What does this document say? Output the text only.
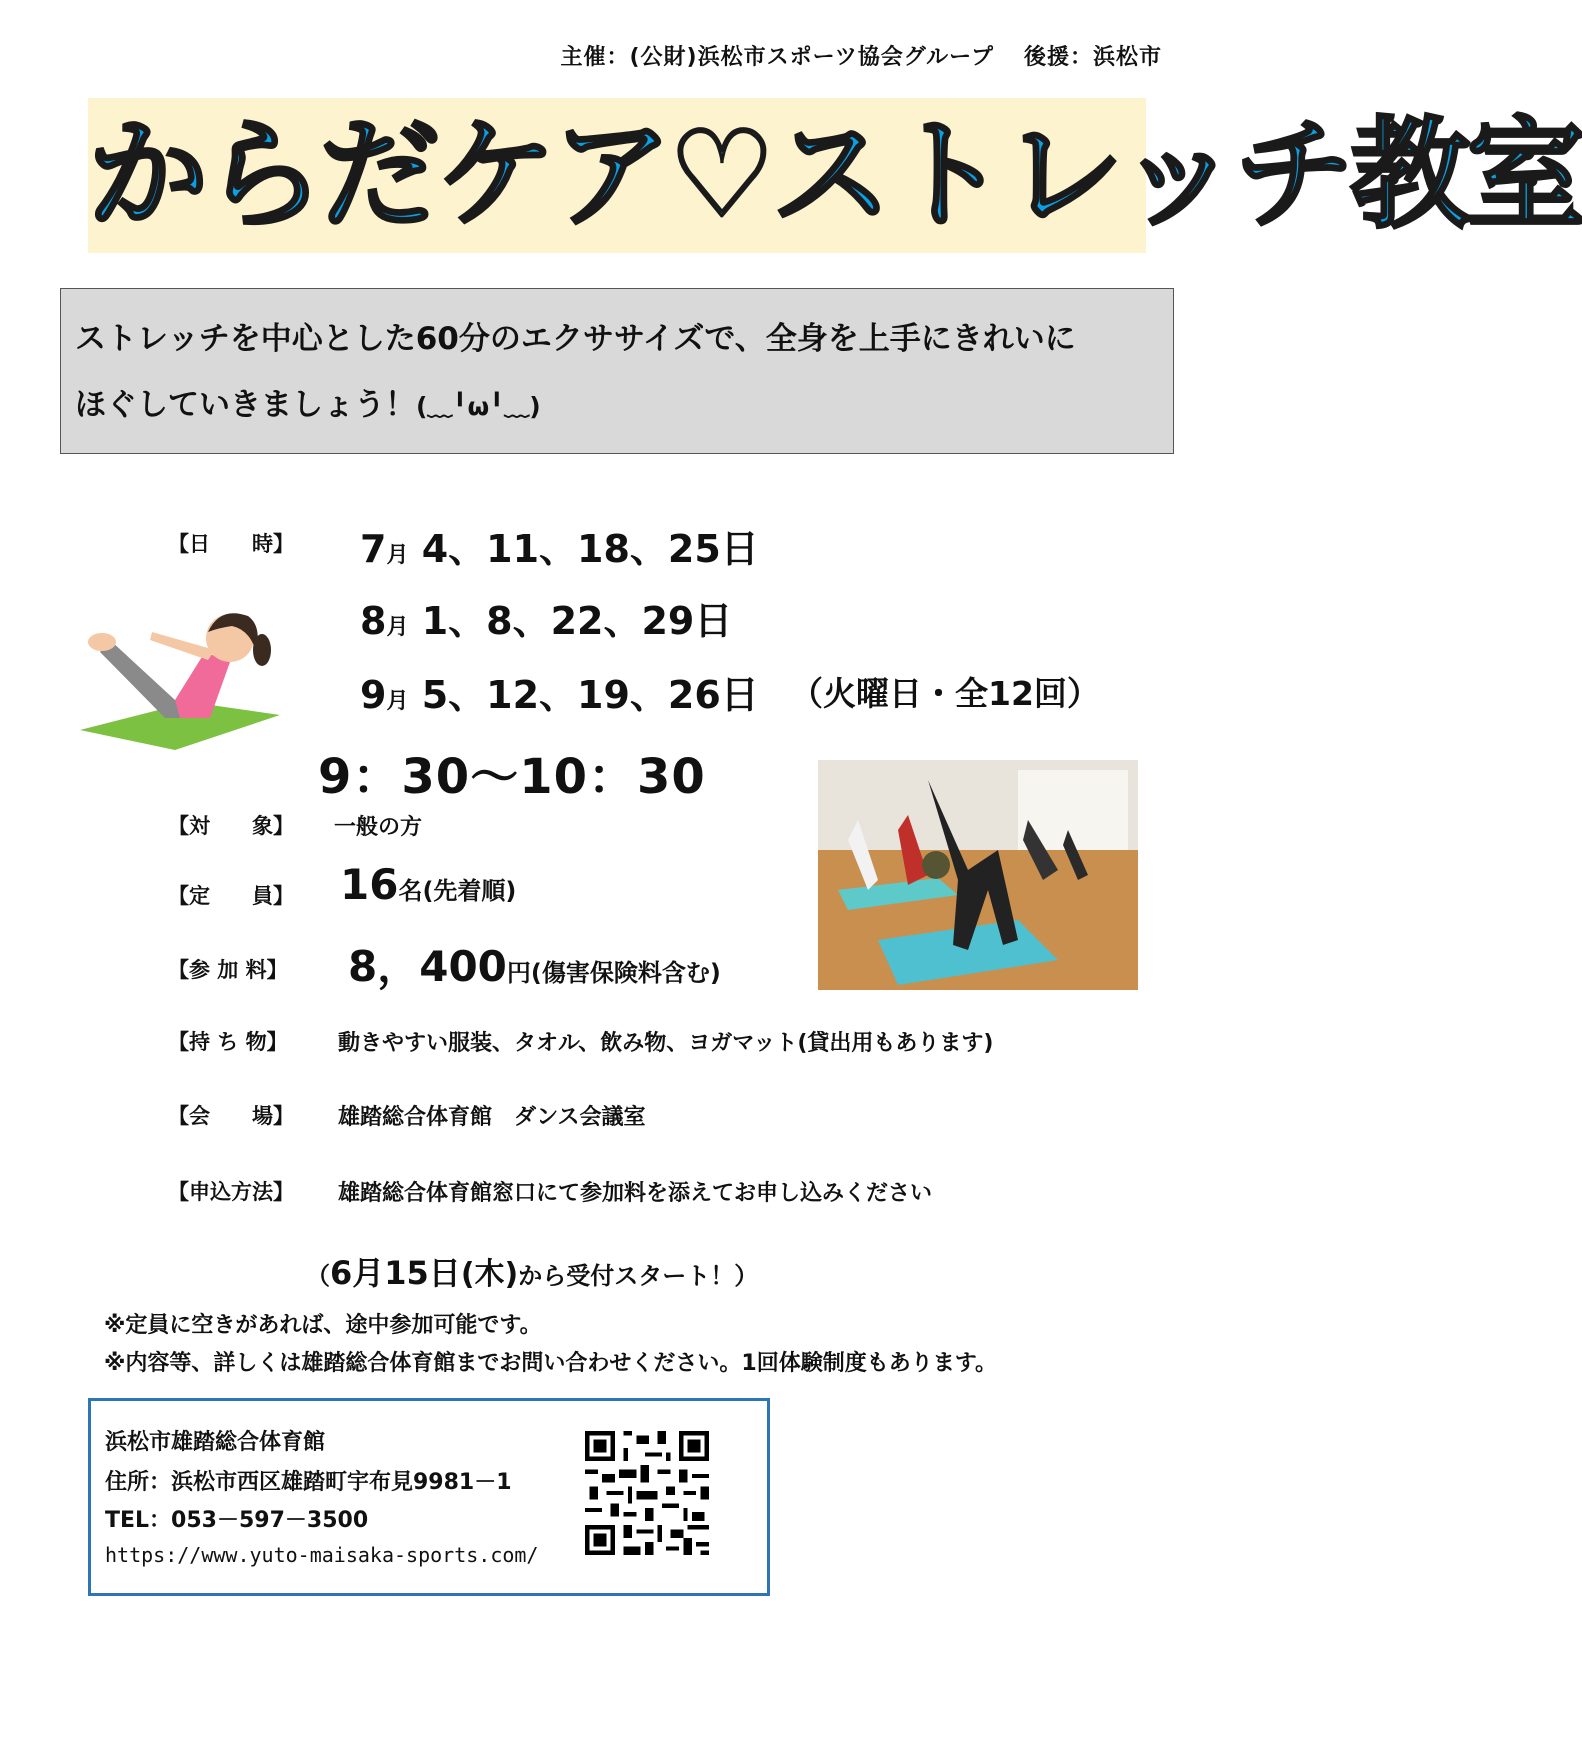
主催：(公財)浜松市スポーツ協会グループ 後援：浜松市
からだケア♡ストレッチ教室
ストレッチを中心とした60分のエクササイズで、全身を上手にきれいに
ほぐしていきましょう！(﹏╹ω╹﹏)
【日　　時】 7月 4、11、18、25日
8月 1、8、22、29日
9月 5、12、19、26日 （火曜日・全12回）
9：30〜10：30
【対　　象】 一般の方
【定　　員】 16名(先着順)
【参 加 料】 8，400円(傷害保険料含む)
【持 ち 物】 動きやすい服装、タオル、飲み物、ヨガマット(貸出用もあります)
【会　　場】 雄踏総合体育館　ダンス会議室
【申込方法】 雄踏総合体育館窓口にて参加料を添えてお申し込みください
（6月15日(木)から受付スタート！）
※定員に空きがあれば、途中参加可能です。
※内容等、詳しくは雄踏総合体育館までお問い合わせください。1回体験制度もあります。
浜松市雄踏総合体育館
住所：浜松市西区雄踏町宇布見9981－1
TEL：053－597－3500
https://www.yuto-maisaka-sports.com/
